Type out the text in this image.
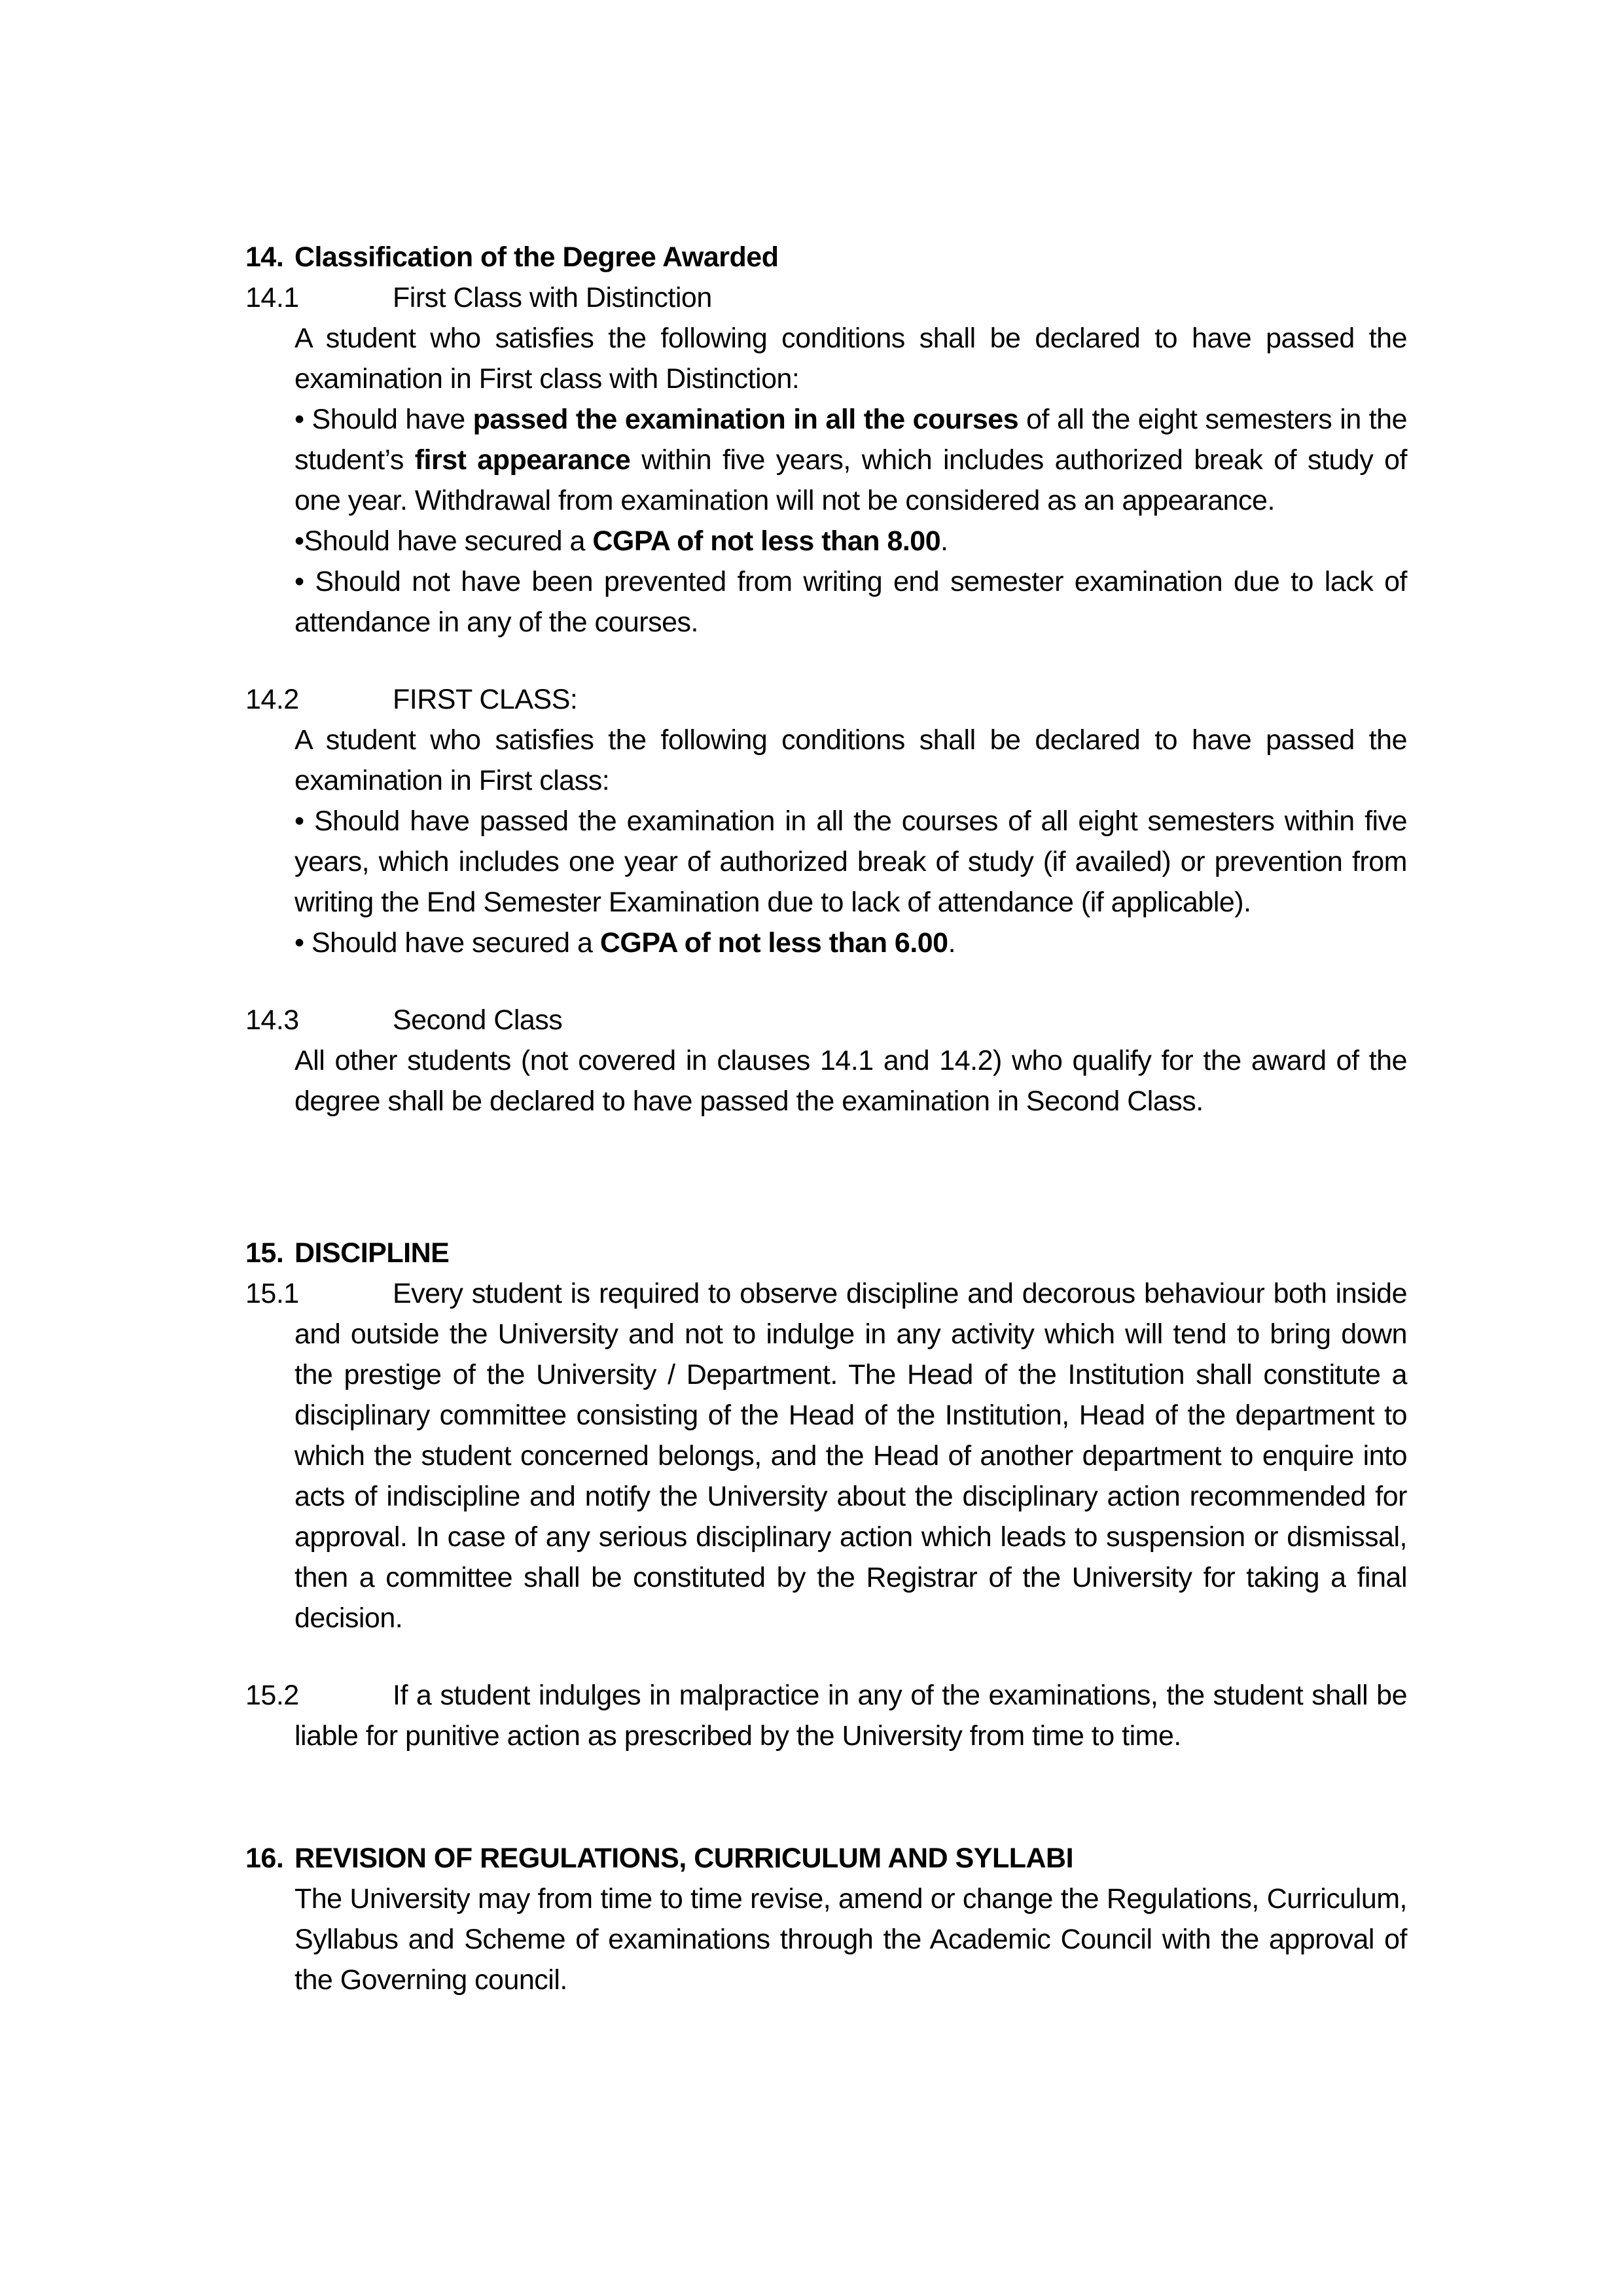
14. Classification of the Degree Awarded
14.1	First Class with Distinction
A student who satisfies the following conditions shall be declared to have passed the examination in First class with Distinction:
• Should have passed the examination in all the courses of all the eight semesters in the student’s first appearance within five years, which includes authorized break of study of one year. Withdrawal from examination will not be considered as an appearance.
•Should have secured a CGPA of not less than 8.00.
• Should not have been prevented from writing end semester examination due to lack of attendance in any of the courses.
14.2	FIRST CLASS:
A student who satisfies the following conditions shall be declared to have passed the examination in First class:
• Should have passed the examination in all the courses of all eight semesters within five years, which includes one year of authorized break of study (if availed) or prevention from writing the End Semester Examination due to lack of attendance (if applicable).
• Should have secured a CGPA of not less than 6.00.
14.3	Second Class
All other students (not covered in clauses 14.1 and 14.2) who qualify for the award of the degree shall be declared to have passed the examination in Second Class.
15. DISCIPLINE
15.1	Every student is required to observe discipline and decorous behaviour both inside and outside the University and not to indulge in any activity which will tend to bring down the prestige of the University / Department. The Head of the Institution shall constitute a disciplinary committee consisting of the Head of the Institution, Head of the department to which the student concerned belongs, and the Head of another department to enquire into acts of indiscipline and notify the University about the disciplinary action recommended for approval. In case of any serious disciplinary action which leads to suspension or dismissal, then a committee shall be constituted by the Registrar of the University for taking a final decision.
15.2	If a student indulges in malpractice in any of the examinations, the student shall be liable for punitive action as prescribed by the University from time to time.
16. REVISION OF REGULATIONS, CURRICULUM AND SYLLABI
The University may from time to time revise, amend or change the Regulations, Curriculum, Syllabus and Scheme of examinations through the Academic Council with the approval of the Governing council.
